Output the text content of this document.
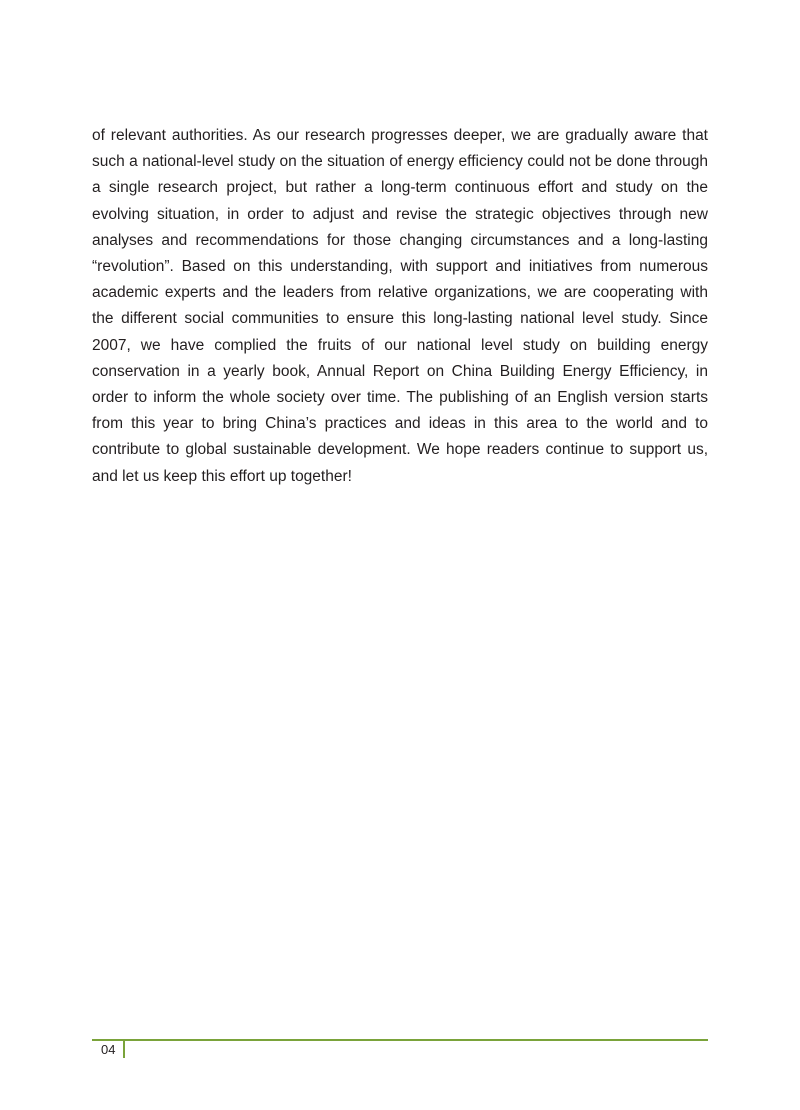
of relevant authorities. As our research progresses deeper, we are gradually aware that such a national-level study on the situation of energy efficiency could not be done through a single research project, but rather a long-term continuous effort and study on the evolving situation, in order to adjust and revise the strategic objectives through new analyses and recommendations for those changing circumstances and a long-lasting “revolution”. Based on this understanding, with support and initiatives from numerous academic experts and the leaders from relative organizations, we are cooperating with the different social communities to ensure this long-lasting national level study. Since 2007, we have complied the fruits of our national level study on building energy conservation in a yearly book, Annual Report on China Building Energy Efficiency, in order to inform the whole society over time. The publishing of an English version starts from this year to bring China’s practices and ideas in this area to the world and to contribute to global sustainable development. We hope readers continue to support us, and let us keep this effort up together!

04
